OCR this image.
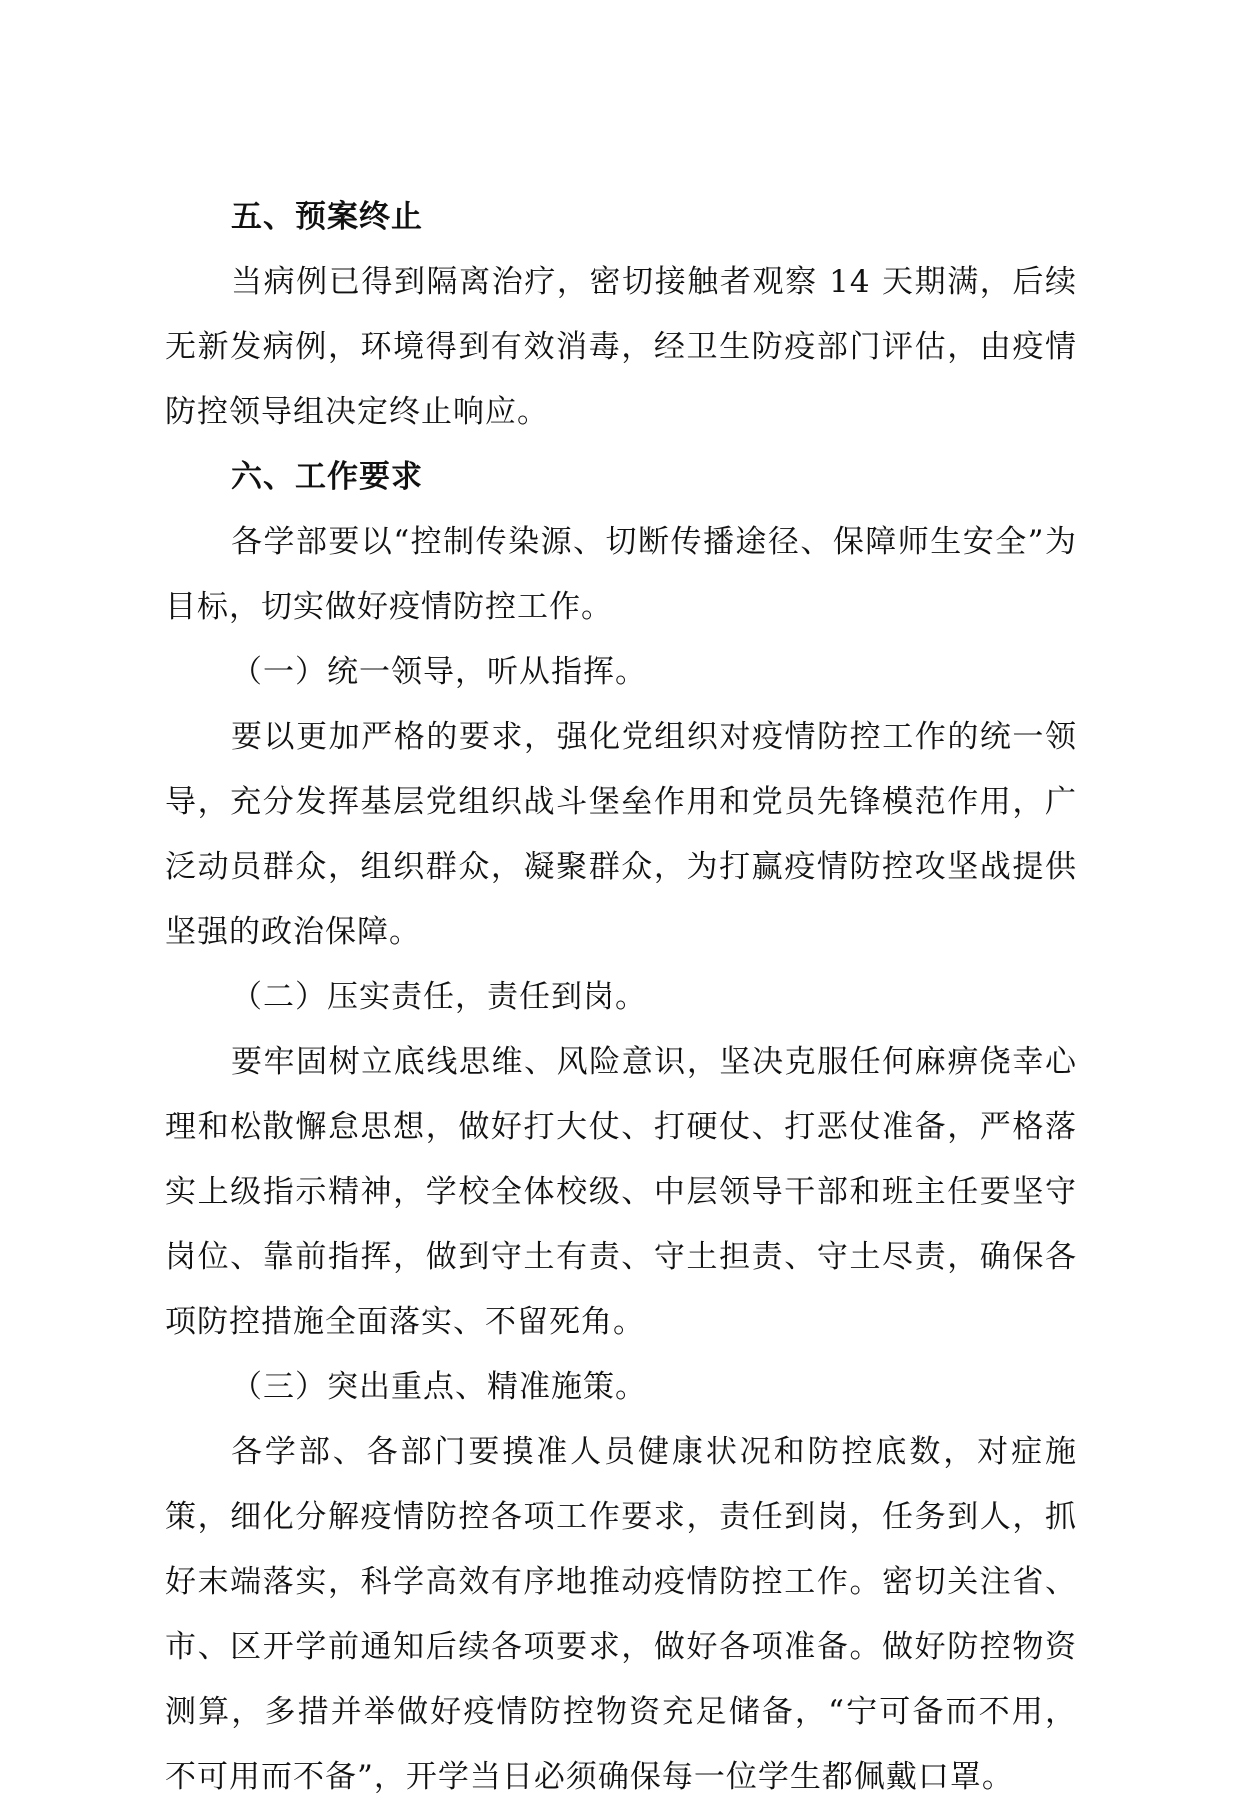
五、预案终止

当病例已得到隔离治疗，密切接触者观察 14 天期满，后续无新发病例，环境得到有效消毒，经卫生防疫部门评估，由疫情防控领导组决定终止响应。

六、工作要求

各学部要以“控制传染源、切断传播途径、保障师生安全”为目标，切实做好疫情防控工作。

（一）统一领导，听从指挥。

要以更加严格的要求，强化党组织对疫情防控工作的统一领导，充分发挥基层党组织战斗堡垒作用和党员先锋模范作用，广泛动员群众，组织群众，凝聚群众，为打赢疫情防控攻坚战提供坚强的政治保障。

（二）压实责任，责任到岗。

要牢固树立底线思维、风险意识，坚决克服任何麻痹侥幸心理和松散懈怠思想，做好打大仗、打硬仗、打恶仗准备，严格落实上级指示精神，学校全体校级、中层领导干部和班主任要坚守岗位、靠前指挥，做到守土有责、守土担责、守土尽责，确保各项防控措施全面落实、不留死角。

（三）突出重点、精准施策。

各学部、各部门要摸准人员健康状况和防控底数，对症施策，细化分解疫情防控各项工作要求，责任到岗，任务到人，抓好末端落实，科学高效有序地推动疫情防控工作。密切关注省、市、区开学前通知后续各项要求，做好各项准备。做好防控物资测算，多措并举做好疫情防控物资充足储备，“宁可备而不用，不可用而不备”，开学当日必须确保每一位学生都佩戴口罩。
